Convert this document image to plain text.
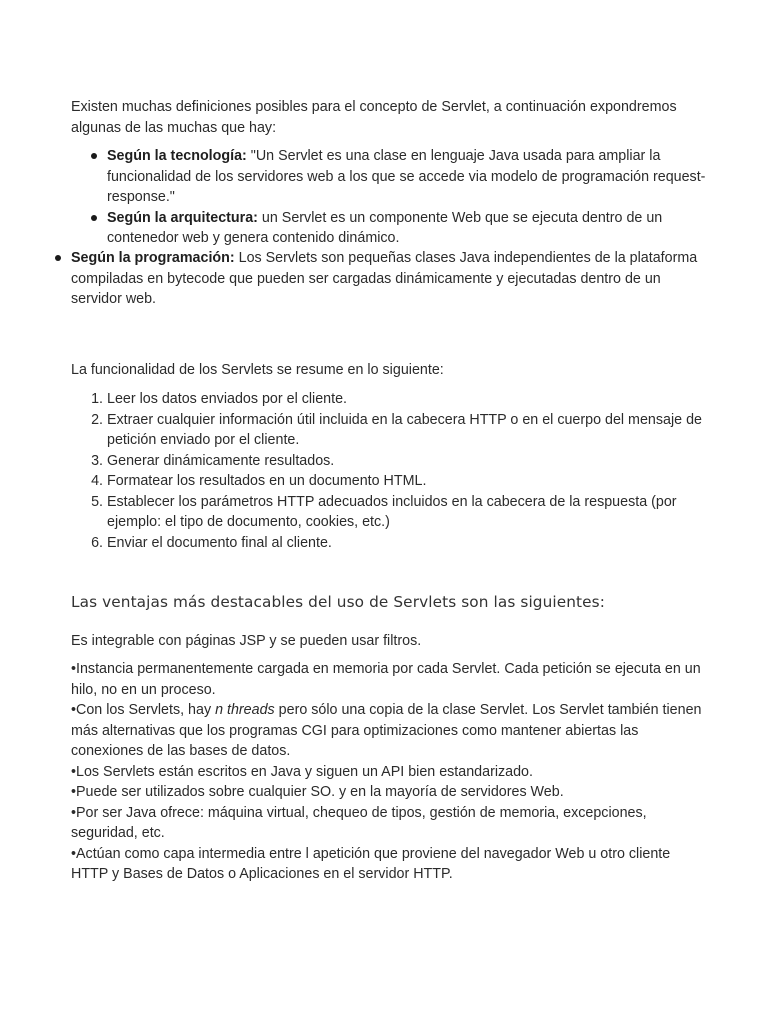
Existen muchas definiciones posibles para el concepto de Servlet, a continuación expondremos algunas de las muchas que hay:

Según la tecnología: "Un Servlet es una clase en lenguaje Java usada para ampliar la funcionalidad de los servidores web a los que se accede via modelo de programación request-response."
Según la arquitectura: un Servlet es un componente Web que se ejecuta dentro de un contenedor web y genera contenido dinámico.
Según la programación: Los Servlets son pequeñas clases Java independientes de la plataforma compiladas en bytecode que pueden ser cargadas dinámicamente y ejecutadas dentro de un servidor web.

La funcionalidad de los Servlets se resume en lo siguiente:

1. Leer los datos enviados por el cliente.
2. Extraer cualquier información útil incluida en la cabecera HTTP o en el cuerpo del mensaje de petición enviado por el cliente.
3. Generar dinámicamente resultados.
4. Formatear los resultados en un documento HTML.
5. Establecer los parámetros HTTP adecuados incluidos en la cabecera de la respuesta (por ejemplo: el tipo de documento, cookies, etc.)
6. Enviar el documento final al cliente.
Las ventajas más destacables del uso de Servlets son las siguientes:

Es integrable con páginas JSP y se pueden usar filtros.

•Instancia permanentemente cargada en memoria por cada Servlet. Cada petición se ejecuta en un hilo, no en un proceso.

•Con los Servlets, hay n threads pero sólo una copia de la clase Servlet. Los Servlet también tienen más alternativas que los programas CGI para optimizaciones como mantener abiertas las conexiones de las bases de datos.

•Los Servlets están escritos en Java y siguen un API bien estandarizado.

•Puede ser utilizados sobre cualquier SO. y en la mayoría de servidores Web.

•Por ser Java ofrece: máquina virtual, chequeo de tipos, gestión de memoria, excepciones, seguridad, etc.

•Actúan como capa intermedia entre l apetición que proviene del navegador Web u otro cliente HTTP y Bases de Datos o Aplicaciones en el servidor HTTP.
